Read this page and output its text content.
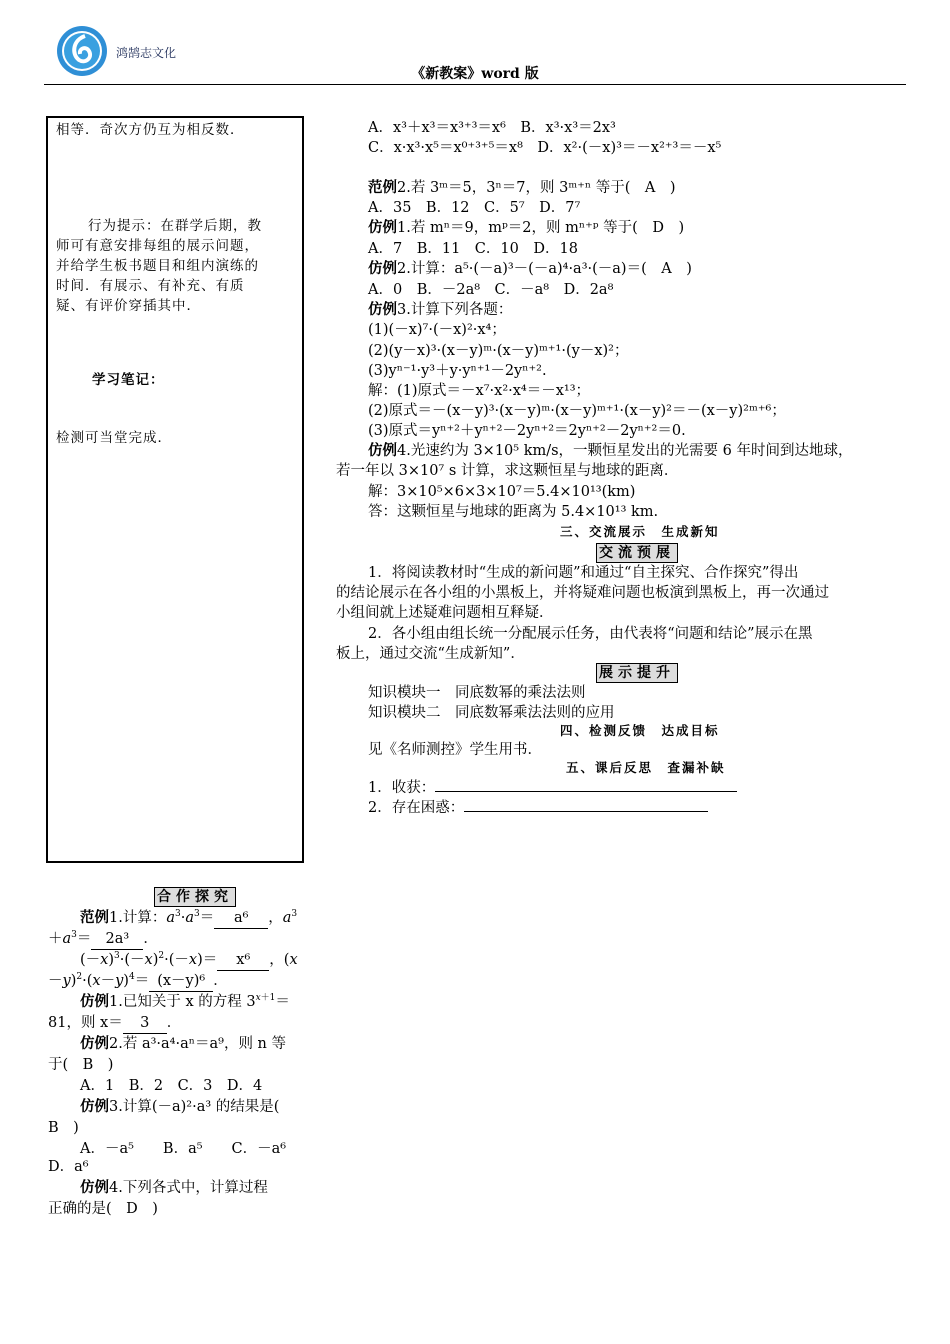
鸿鹄志文化
《新教案》word 版
相等．奇次方仍互为相反数．
行为提示：在群学后期，教
师可有意安排每组的展示问题，
并给学生板书题目和组内演练的
时间．有展示、有补充、有质
疑、有评价穿插其中．
学习笔记：
检测可当堂完成．
合作探究
范例1.计算：$a^3\cdot a^3= a^6$ ，$a^3$
$+a^3= 2a^3$ ．
$(-x)^3\cdot(-x)^2\cdot(-x)= x^6$ ，(x
$-y)^2\cdot(x-y)^4= (x-y)^6$ ．
仿例1.已知关于 x 的方程 $3^{x+1}=$
81，则 x＝ 3 ．
仿例2.若 a³·a⁴·aⁿ＝a⁹，则 n 等
于(　B　)
A．1　B．2　C．3　D．4
仿例3.计算(－a)²·a³ 的结果是(
B　)
A．－a⁵　　B．a⁵　　C．－a⁶
D．a⁶
仿例4.下列各式中，计算过程
正确的是(　D　)
A．x³＋x³＝x³⁺³＝x⁶　B．x³·x³＝2x³
C．x·x³·x⁵＝x⁰⁺³⁺⁵＝x⁸　D．x²·(－x)³＝－x²⁺³＝－x⁵
范例2.若 3ᵐ＝5，3ⁿ＝7，则 3ᵐ⁺ⁿ 等于(　A　)
A．35　B．12　C．5⁷　D．7⁷
仿例1.若 mⁿ＝9，mᵖ＝2，则 mⁿ⁺ᵖ 等于(　D　)
A．7　B．11　C．10　D．18
仿例2.计算：a⁵·(－a)³－(－a)⁴·a³·(－a)＝(　A　)
A．0　B．－2a⁸　C．－a⁸　D．2a⁸
仿例3.计算下列各题：
(1)(－x)⁷·(－x)²·x⁴；
(2)(y－x)³·(x－y)ᵐ·(x－y)ᵐ⁺¹·(y－x)²；
(3)yⁿ⁻¹·y³＋y·yⁿ⁺¹－2yⁿ⁺².
解：(1)原式＝－x⁷·x²·x⁴＝－x¹³；
(2)原式＝－(x－y)³·(x－y)ᵐ·(x－y)ᵐ⁺¹·(x－y)²＝－(x－y)²ᵐ⁺⁶；
(3)原式＝yⁿ⁺²＋yⁿ⁺²－2yⁿ⁺²＝2yⁿ⁺²－2yⁿ⁺²＝0.
仿例4.光速约为 3×10⁵ km/s，一颗恒星发出的光需要 6 年时间到达地球，
若一年以 3×10⁷ s 计算，求这颗恒星与地球的距离．
解：3×10⁵×6×3×10⁷＝5.4×10¹³(km)
答：这颗恒星与地球的距离为 5.4×10¹³ km.
三、交流展示　生成新知
交流预展
1．将阅读教材时“生成的新问题”和通过“自主探究、合作探究”得出
的结论展示在各小组的小黑板上，并将疑难问题也板演到黑板上，再一次通过
小组间就上述疑难问题相互释疑．
2．各小组由组长统一分配展示任务，由代表将“问题和结论”展示在黑
板上，通过交流“生成新知”．
展示提升
知识模块一　同底数幂的乘法法则
知识模块二　同底数幂乘法法则的应用
四、检测反馈　达成目标
见《名师测控》学生用书．
五、课后反思　查漏补缺
1．收获：
2．存在困惑：
